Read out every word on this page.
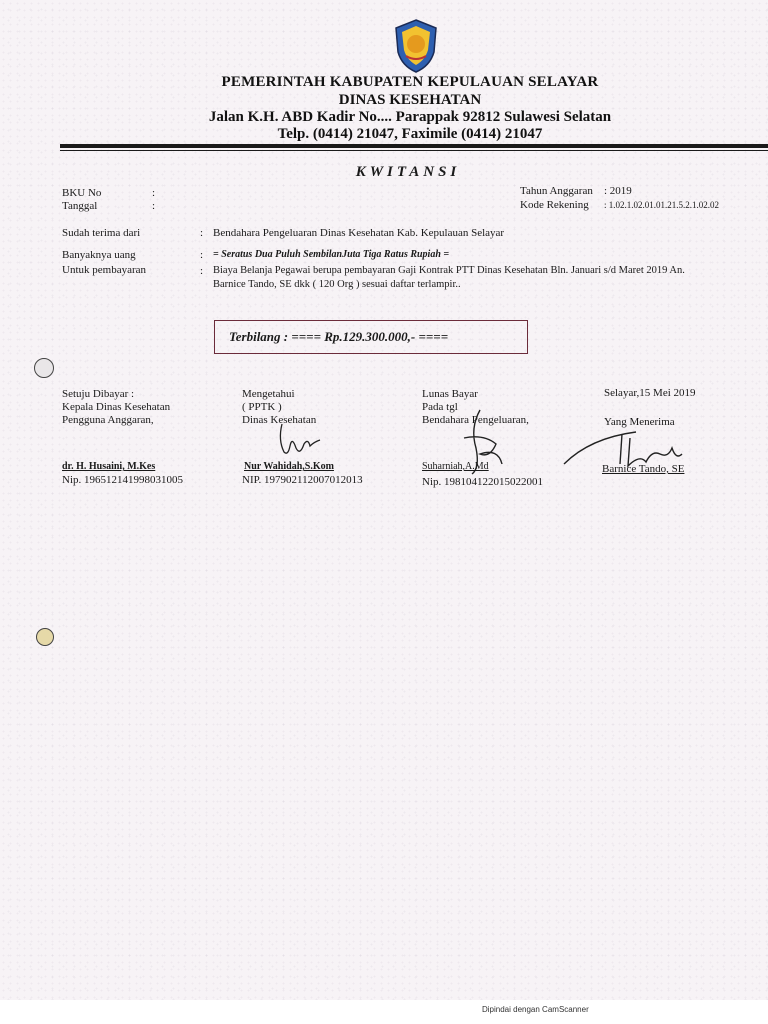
PEMERINTAH KABUPATEN KEPULAUAN SELAYAR
DINAS KESEHATAN
Jalan K.H. ABD Kadir No.... Parappak 92812 Sulawesi Selatan
Telp. (0414) 21047, Faximile (0414) 21047
KWITANSI
BKU No	:
Tanggal	:
Tahun Anggaran : 2019
Kode Rekening : 1.02.1.02.01.01.21.5.2.1.02.02
Sudah terima dari	: Bendahara Pengeluaran Dinas Kesehatan Kab. Kepulauan Selayar
Banyaknya uang	: = Seratus Dua Puluh SembilanJuta Tiga Ratus Rupiah =
Untuk pembayaran	: Biaya Belanja Pegawai berupa pembayaran Gaji Kontrak PTT Dinas Kesehatan Bln. Januari s/d Maret 2019 An.
Barnice Tando, SE dkk ( 120 Org ) sesuai daftar terlampir..
Terbilang : ==== Rp.129.300.000,- ====
Setuju Dibayar :
Kepala Dinas Kesehatan
Pengguna Anggaran,
dr. H. Husaini, M.Kes
Nip. 196512141998031005
Mengetahui
( PPTK )
Dinas Kesehatan
Nur Wahidah,S.Kom
NIP. 197902112007012013
Lunas Bayar
Pada tgl
Bendahara Pengeluaran,
Suharniah,A.Md
Nip. 198104122015022001
Selayar,15 Mei 2019
Yang Menerima
Barnice Tando, SE
Dipindai dengan CamScanner
